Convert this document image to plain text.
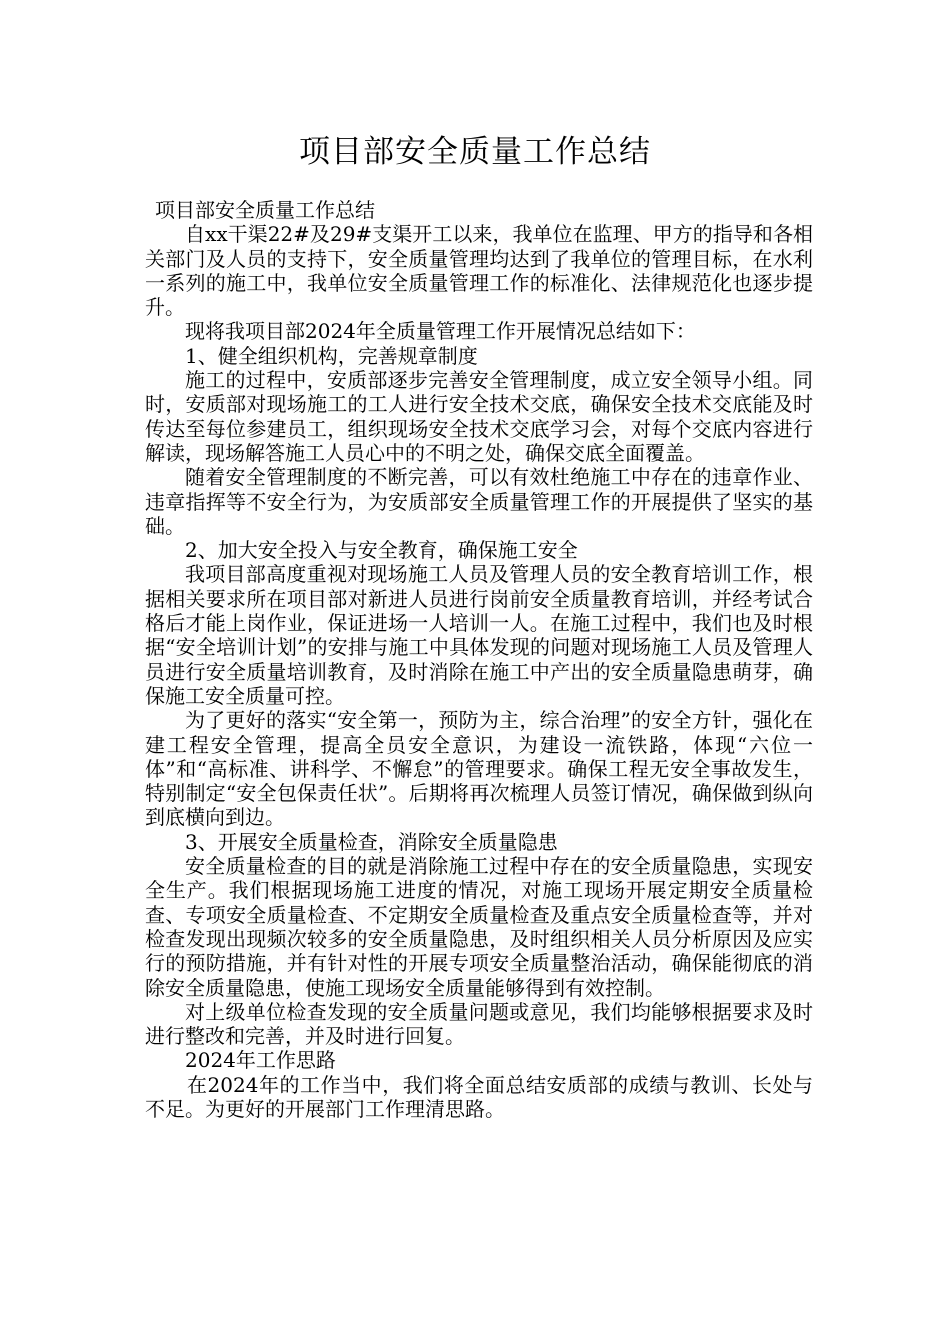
项目部安全质量工作总结

项目部安全质量工作总结

自xx干渠22#及29#支渠开工以来，我单位在监理、甲方的指导和各相关部门及人员的支持下，安全质量管理均达到了我单位的管理目标，在水利一系列的施工中，我单位安全质量管理工作的标准化、法律规范化也逐步提升。

现将我项目部2024年全质量管理工作开展情况总结如下：

1、健全组织机构，完善规章制度

施工的过程中，安质部逐步完善安全管理制度，成立安全领导小组。同时，安质部对现场施工的工人进行安全技术交底，确保安全技术交底能及时传达至每位参建员工，组织现场安全技术交底学习会，对每个交底内容进行解读，现场解答施工人员心中的不明之处，确保交底全面覆盖。

随着安全管理制度的不断完善，可以有效杜绝施工中存在的违章作业、违章指挥等不安全行为，为安质部安全质量管理工作的开展提供了坚实的基础。

2、加大安全投入与安全教育，确保施工安全

我项目部高度重视对现场施工人员及管理人员的安全教育培训工作，根据相关要求所在项目部对新进人员进行岗前安全质量教育培训，并经考试合格后才能上岗作业，保证进场一人培训一人。在施工过程中，我们也及时根据“安全培训计划”的安排与施工中具体发现的问题对现场施工人员及管理人员进行安全质量培训教育，及时消除在施工中产出的安全质量隐患萌芽，确保施工安全质量可控。

为了更好的落实“安全第一，预防为主，综合治理”的安全方针，强化在建工程安全管理，提高全员安全意识，为建设一流铁路，体现“六位一体”和“高标准、讲科学、不懈怠”的管理要求。确保工程无安全事故发生，特别制定“安全包保责任状”。后期将再次梳理人员签订情况，确保做到纵向到底横向到边。

3、开展安全质量检查，消除安全质量隐患

安全质量检查的目的就是消除施工过程中存在的安全质量隐患，实现安全生产。我们根据现场施工进度的情况，对施工现场开展定期安全质量检查、专项安全质量检查、不定期安全质量检查及重点安全质量检查等，并对检查发现出现频次较多的安全质量隐患，及时组织相关人员分析原因及应实行的预防措施，并有针对性的开展专项安全质量整治活动，确保能彻底的消除安全质量隐患，使施工现场安全质量能够得到有效控制。

对上级单位检查发现的安全质量问题或意见，我们均能够根据要求及时进行整改和完善，并及时进行回复。

2024年工作思路

在2024年的工作当中，我们将全面总结安质部的成绩与教训、长处与不足。为更好的开展部门工作理清思路。
